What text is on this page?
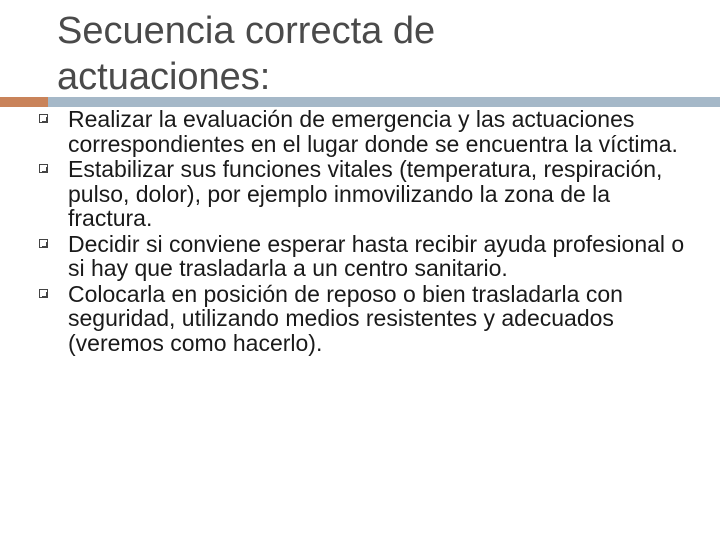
Secuencia correcta de actuaciones:
Realizar la evaluación de emergencia y las actuaciones correspondientes en el lugar donde se encuentra la víctima.
Estabilizar sus funciones vitales (temperatura, respiración, pulso, dolor), por ejemplo inmovilizando la zona de la fractura.
Decidir si conviene esperar hasta recibir ayuda profesional o si hay que trasladarla a un centro sanitario.
Colocarla en posición de reposo o bien trasladarla con seguridad, utilizando medios resistentes y adecuados (veremos como hacerlo).
